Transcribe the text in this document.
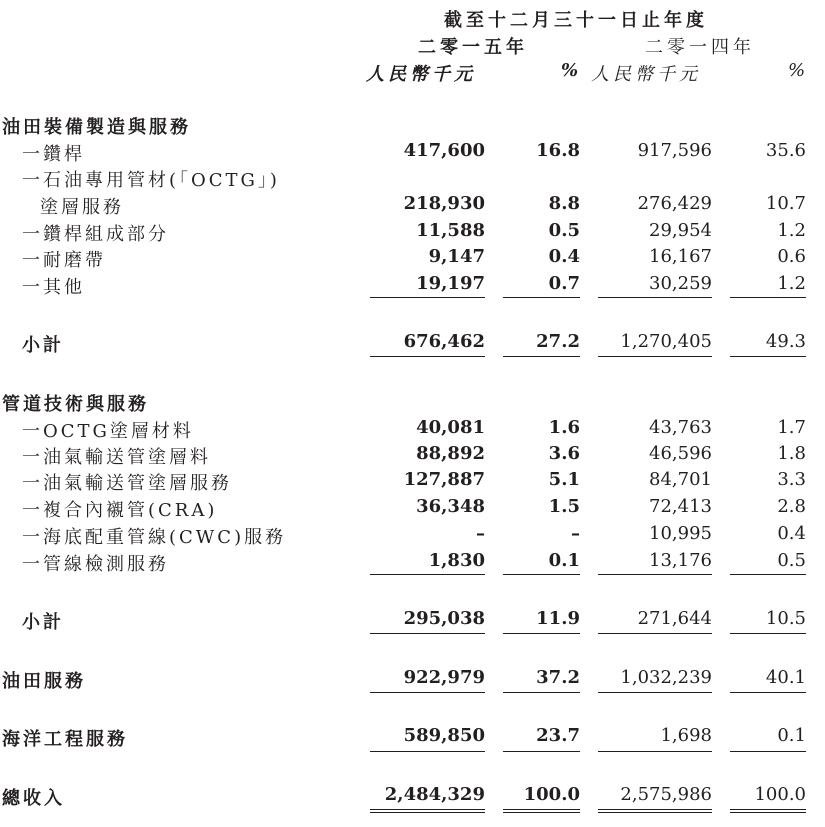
截至十二月三十一日止年度
二零一五年	二零一四年
人民幣千元	% 人民幣千元	%
油田裝備製造與服務
一鑽桿	417,600	16.8	917,596	35.6
一石油專用管材(「OCTG」)
塗層服務	218,930	8.8	276,429	10.7
一鑽桿組成部分	11,588	0.5	29,954	1.2
一耐磨帶	9,147	0.4	16,167	0.6
一其他	19,197	0.7	30,259	1.2
小計	676,462	27.2 1,270,405	49.3
管道技術與服務
一OCTG塗層材料	40,081	1.6	43,763	1.7
一油氣輸送管塗層料	88,892	3.6	46,596	1.8
一油氣輸送管塗層服務	127,887	5.1	84,701	3.3
一複合內襯管(CRA)	36,348	1.5	72,413	2.8
一海底配重管線(CWC)服務	–	–	10,995	0.4
一管線檢測服務	1,830	0.1	13,176	0.5
小計	295,038	11.9	271,644	10.5
油田服務	922,979	37.2 1,032,239	40.1
海洋工程服務	589,850	23.7	1,698	0.1
總收入	2,484,329 100.0 2,575,986 100.0
